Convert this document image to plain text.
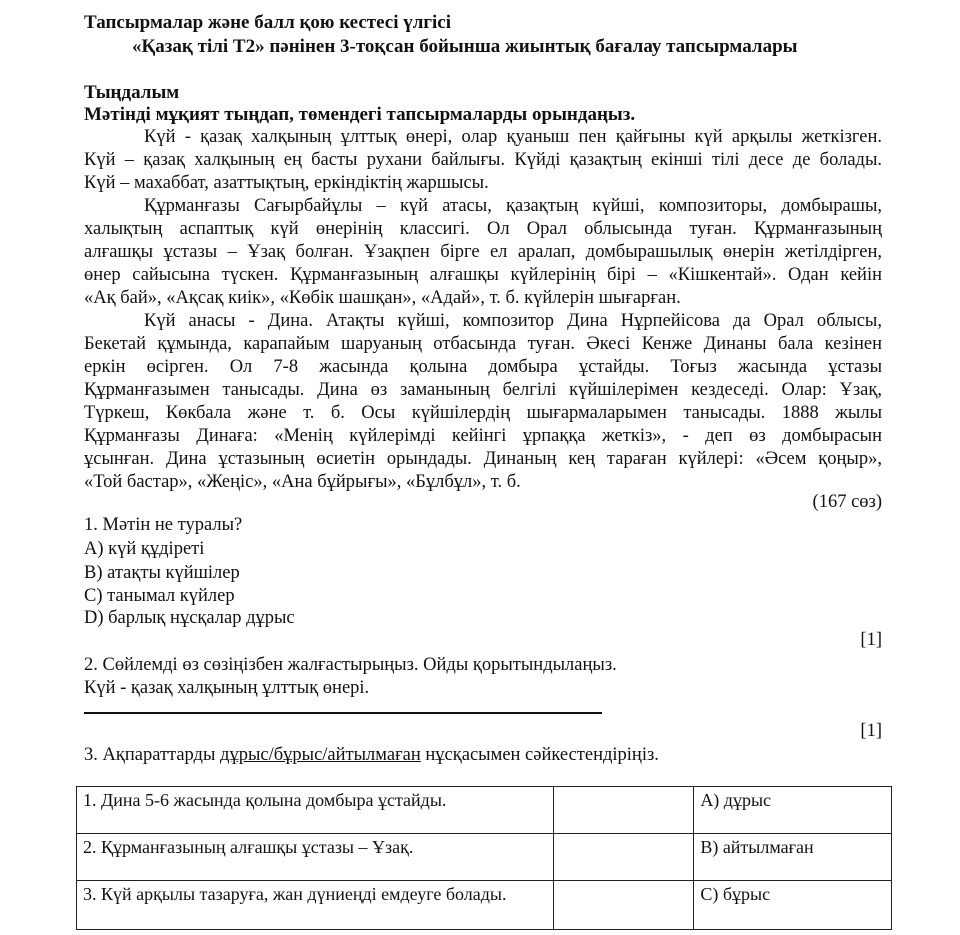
Тапсырмалар және балл қою кестесі үлгісі
«Қазақ тілі Т2» пәнінен 3-тоқсан бойынша жиынтық бағалау тапсырмалары
Тыңдалым
Мәтінді мұқият тыңдап, төмендегі тапсырмаларды орындаңыз.
Күй - қазақ халқының ұлттық өнері, олар қуаныш пен қайғыны күй арқылы жеткізген.
Күй – қазақ халқының ең басты рухани байлығы. Күйді қазақтың екінші тілі десе де болады.
Күй – махаббат, азаттықтың, еркіндіктің жаршысы.
Құрманғазы Сағырбайұлы – күй атасы, қазақтың күйші, композиторы, домбырашы,
халықтың аспаптық күй өнерінің классигі. Ол Орал облысында туған. Құрманғазының
алғашқы ұстазы – Ұзақ болған. Ұзақпен бірге ел аралап, домбырашылық өнерін жетілдірген,
өнер сайысына түскен. Құрманғазының алғашқы күйлерінің бірі – «Кішкентай». Одан кейін
«Ақ бай», «Ақсақ киік», «Көбік шашқан», «Адай», т. б. күйлерін шығарған.
Күй анасы - Дина. Атақты күйші, композитор Дина Нұрпейісова да Орал облысы,
Бекетай құмында, карапайым шаруаның отбасында туған. Әкесі Кенже Динаны бала кезінен
еркін өсірген. Ол 7-8 жасында қолына домбыра ұстайды. Тоғыз жасында ұстазы
Құрманғазымен танысады. Дина өз заманының белгілі күйшілерімен кездеседі. Олар: Ұзақ,
Түркеш, Көкбала және т. б. Осы күйшілердің шығармаларымен танысады. 1888 жылы
Құрманғазы Динаға: «Менің күйлерімді кейінгі ұрпаққа жеткіз», - деп өз домбырасын
ұсынған. Дина ұстазының өсиетін орындады. Динаның кең тараған күйлері: «Әсем қоңыр»,
«Той бастар», «Жеңіс», «Ана бұйрығы», «Бұлбұл», т. б.
(167 сөз)
1. Мәтін не туралы?
A) күй құдіреті
B) атақты күйшілер
C) танымал күйлер
D) барлық нұсқалар дұрыс
[1]
2. Сөйлемді өз сөзіңізбен жалғастырыңыз. Ойды қорытындылаңыз.
Күй - қазақ халқының ұлттық өнері.
[1]
3. Ақпараттарды дұрыс/бұрыс/айтылмаған нұсқасымен сәйкестендіріңіз.
1. Дина 5-6 жасында қолына домбыра ұстайды.		A) дұрыс
2. Құрманғазының алғашқы ұстазы – Ұзақ.		B) айтылмаған
3. Күй арқылы тазаруға, жан дүниеңді емдеуге болады.		C) бұрыс
